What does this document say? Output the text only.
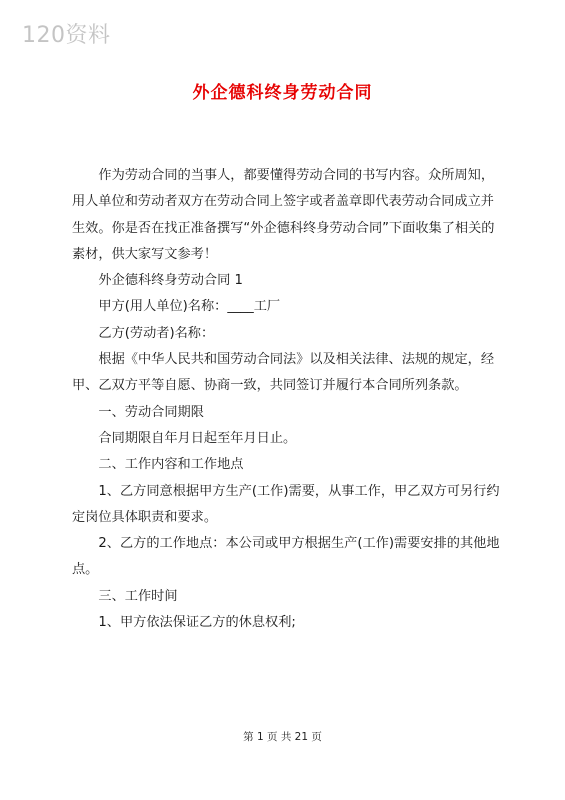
120资料
外企德科终身劳动合同

作为劳动合同的当事人，都要懂得劳动合同的书写内容。众所周知，用人单位和劳动者双方在劳动合同上签字或者盖章即代表劳动合同成立并生效。你是否在找正准备撰写“外企德科终身劳动合同”下面收集了相关的素材，供大家写文参考！

外企德科终身劳动合同 1

甲方(用人单位)名称：____工厂

乙方(劳动者)名称：

根据《中华人民共和国劳动合同法》以及相关法律、法规的规定，经甲、乙双方平等自愿、协商一致，共同签订并履行本合同所列条款。

一、劳动合同期限

合同期限自年月日起至年月日止。

二、工作内容和工作地点

1、乙方同意根据甲方生产(工作)需要，从事工作，甲乙双方可另行约定岗位具体职责和要求。

2、乙方的工作地点：本公司或甲方根据生产(工作)需要安排的其他地点。

三、工作时间

1、甲方依法保证乙方的休息权利;

第 1 页 共 21 页
